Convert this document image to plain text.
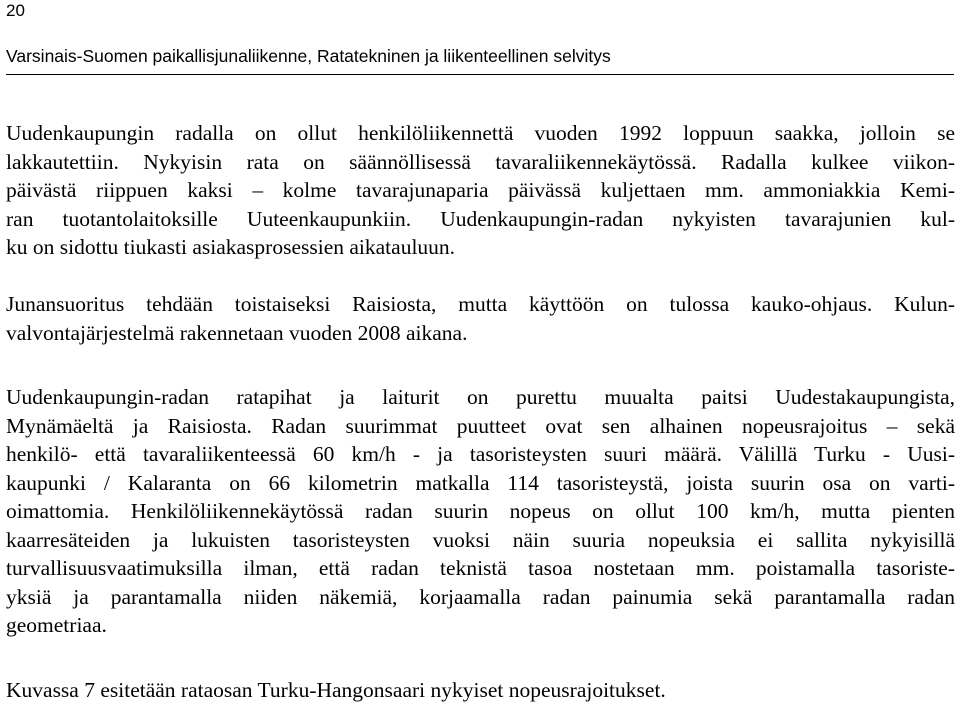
20
Varsinais-Suomen paikallisjunaliikenne, Ratatekninen ja liikenteellinen selvitys

Uudenkaupungin radalla on ollut henkilöliikennettä vuoden 1992 loppuun saakka, jolloin se
lakkautettiin. Nykyisin rata on säännöllisessä tavaraliikennekäytössä. Radalla kulkee viikon-
päivästä riippuen kaksi – kolme tavarajunaparia päivässä kuljettaen mm. ammoniakkia Kemi-
ran tuotantolaitoksille Uuteenkaupunkiin. Uudenkaupungin-radan nykyisten tavarajunien kul-
ku on sidottu tiukasti asiakasprosessien aikatauluun.

Junansuoritus tehdään toistaiseksi Raisiosta, mutta käyttöön on tulossa kauko-ohjaus. Kulun-
valvontajärjestelmä rakennetaan vuoden 2008 aikana.

Uudenkaupungin-radan ratapihat ja laiturit on purettu muualta paitsi Uudestakaupungista,
Mynämäeltä ja Raisiosta. Radan suurimmat puutteet ovat sen alhainen nopeusrajoitus – sekä
henkilö- että tavaraliikenteessä 60 km/h - ja tasoristeysten suuri määrä. Välillä Turku - Uusi-
kaupunki / Kalaranta on 66 kilometrin matkalla 114 tasoristeystä, joista suurin osa on varti-
oimattomia. Henkilöliikennekäytössä radan suurin nopeus on ollut 100 km/h, mutta pienten
kaarresäteiden ja lukuisten tasoristeysten vuoksi näin suuria nopeuksia ei sallita nykyisillä
turvallisuusvaatimuksilla ilman, että radan teknistä tasoa nostetaan mm. poistamalla tasoriste-
yksiä ja parantamalla niiden näkemiä, korjaamalla radan painumia sekä parantamalla radan
geometriaa.

Kuvassa 7 esitetään rataosan Turku-Hangonsaari nykyiset nopeusrajoitukset.
